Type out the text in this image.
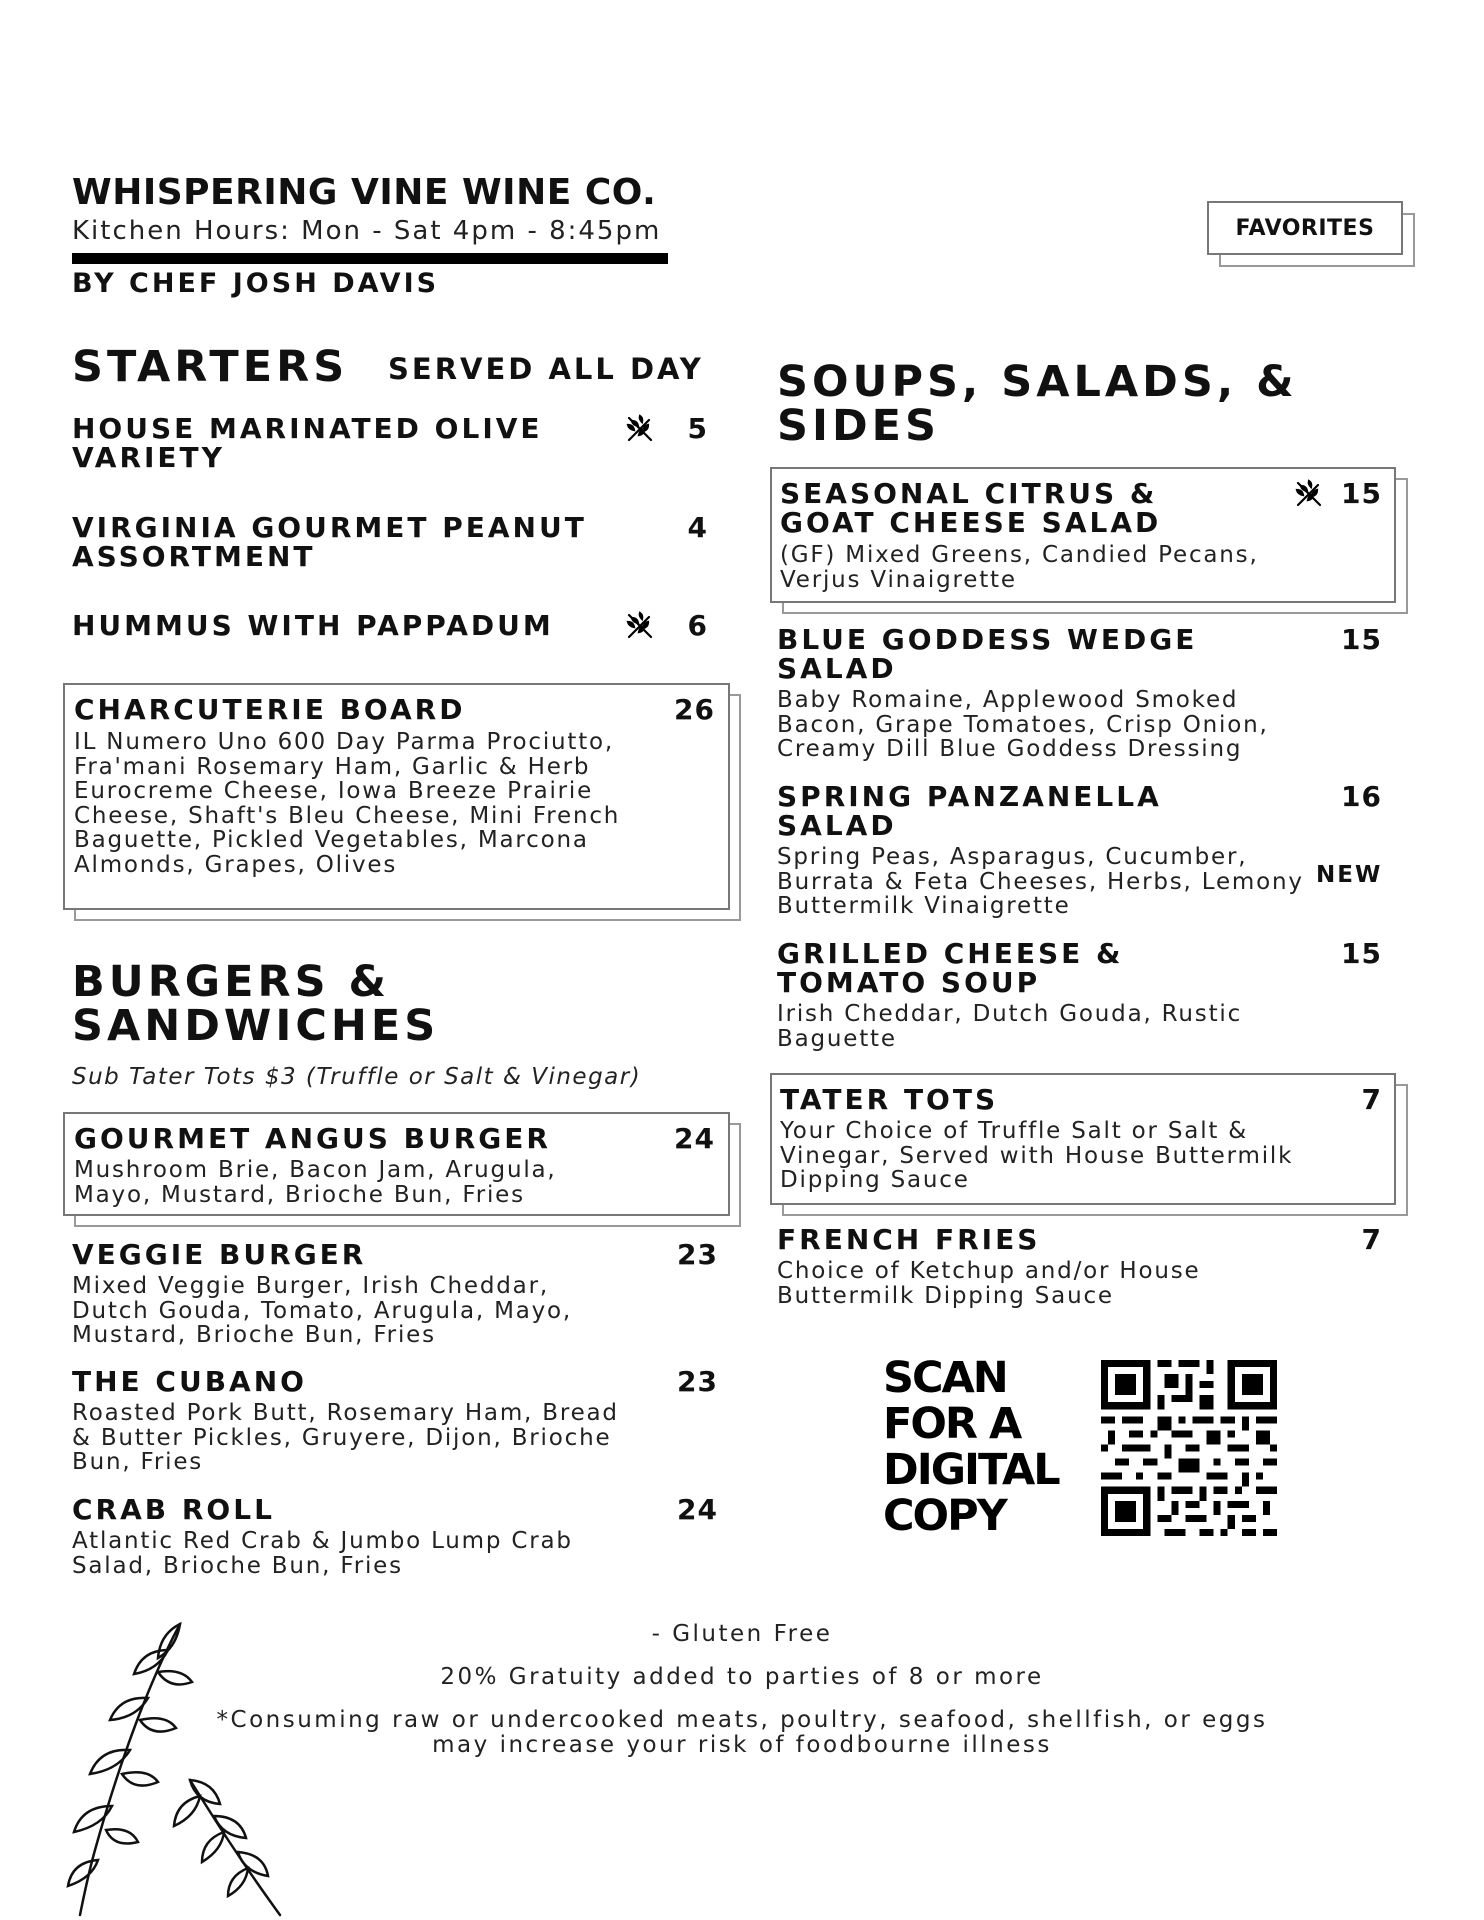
WHISPERING VINE WINE CO.
Kitchen Hours: Mon - Sat 4pm - 8:45pm
BY CHEF JOSH DAVIS
FAVORITES
STARTERS SERVED ALL DAY
HOUSE MARINATED OLIVE VARIETY
5
VIRGINIA GOURMET PEANUT ASSORTMENT
4
HUMMUS WITH PAPPADUM	6
CHARCUTERIE BOARD	26
IL Numero Uno 600 Day Parma Prociutto, Fra'mani Rosemary Ham, Garlic & Herb Eurocreme Cheese, Iowa Breeze Prairie Cheese, Shaft's Bleu Cheese, Mini French Baguette, Pickled Vegetables, Marcona Almonds, Grapes, Olives
BURGERS &
SANDWICHES
Sub Tater Tots $3 (Truffle or Salt & Vinegar)
GOURMET ANGUS BURGER	24
Mushroom Brie, Bacon Jam, Arugula, Mayo, Mustard, Brioche Bun, Fries
VEGGIE BURGER	23
Mixed Veggie Burger, Irish Cheddar, Dutch Gouda, Tomato, Arugula, Mayo, Mustard, Brioche Bun, Fries
THE CUBANO	23
Roasted Pork Butt, Rosemary Ham, Bread & Butter Pickles, Gruyere, Dijon, Brioche Bun, Fries
CRAB ROLL	24
Atlantic Red Crab & Jumbo Lump Crab Salad, Brioche Bun, Fries
SOUPS, SALADS, &
SIDES
SEASONAL CITRUS & GOAT CHEESE SALAD
15
(GF) Mixed Greens, Candied Pecans, Verjus Vinaigrette
BLUE GODDESS WEDGE SALAD
15
Baby Romaine, Applewood Smoked Bacon, Grape Tomatoes, Crisp Onion, Creamy Dill Blue Goddess Dressing
SPRING PANZANELLA SALAD
16
Spring Peas, Asparagus, Cucumber, Burrata & Feta Cheeses, Herbs, Lemony Buttermilk Vinaigrette
NEW
GRILLED CHEESE & TOMATO SOUP
15
Irish Cheddar, Dutch Gouda, Rustic Baguette
TATER TOTS	7
Your Choice of Truffle Salt or Salt & Vinegar, Served with House Buttermilk Dipping Sauce
FRENCH FRIES	7
Choice of Ketchup and/or House Buttermilk Dipping Sauce
SCAN
FOR A
DIGITAL
COPY
- Gluten Free
20% Gratuity added to parties of 8 or more
*Consuming raw or undercooked meats, poultry, seafood, shellfish, or eggs
may increase your risk of foodbourne illness
